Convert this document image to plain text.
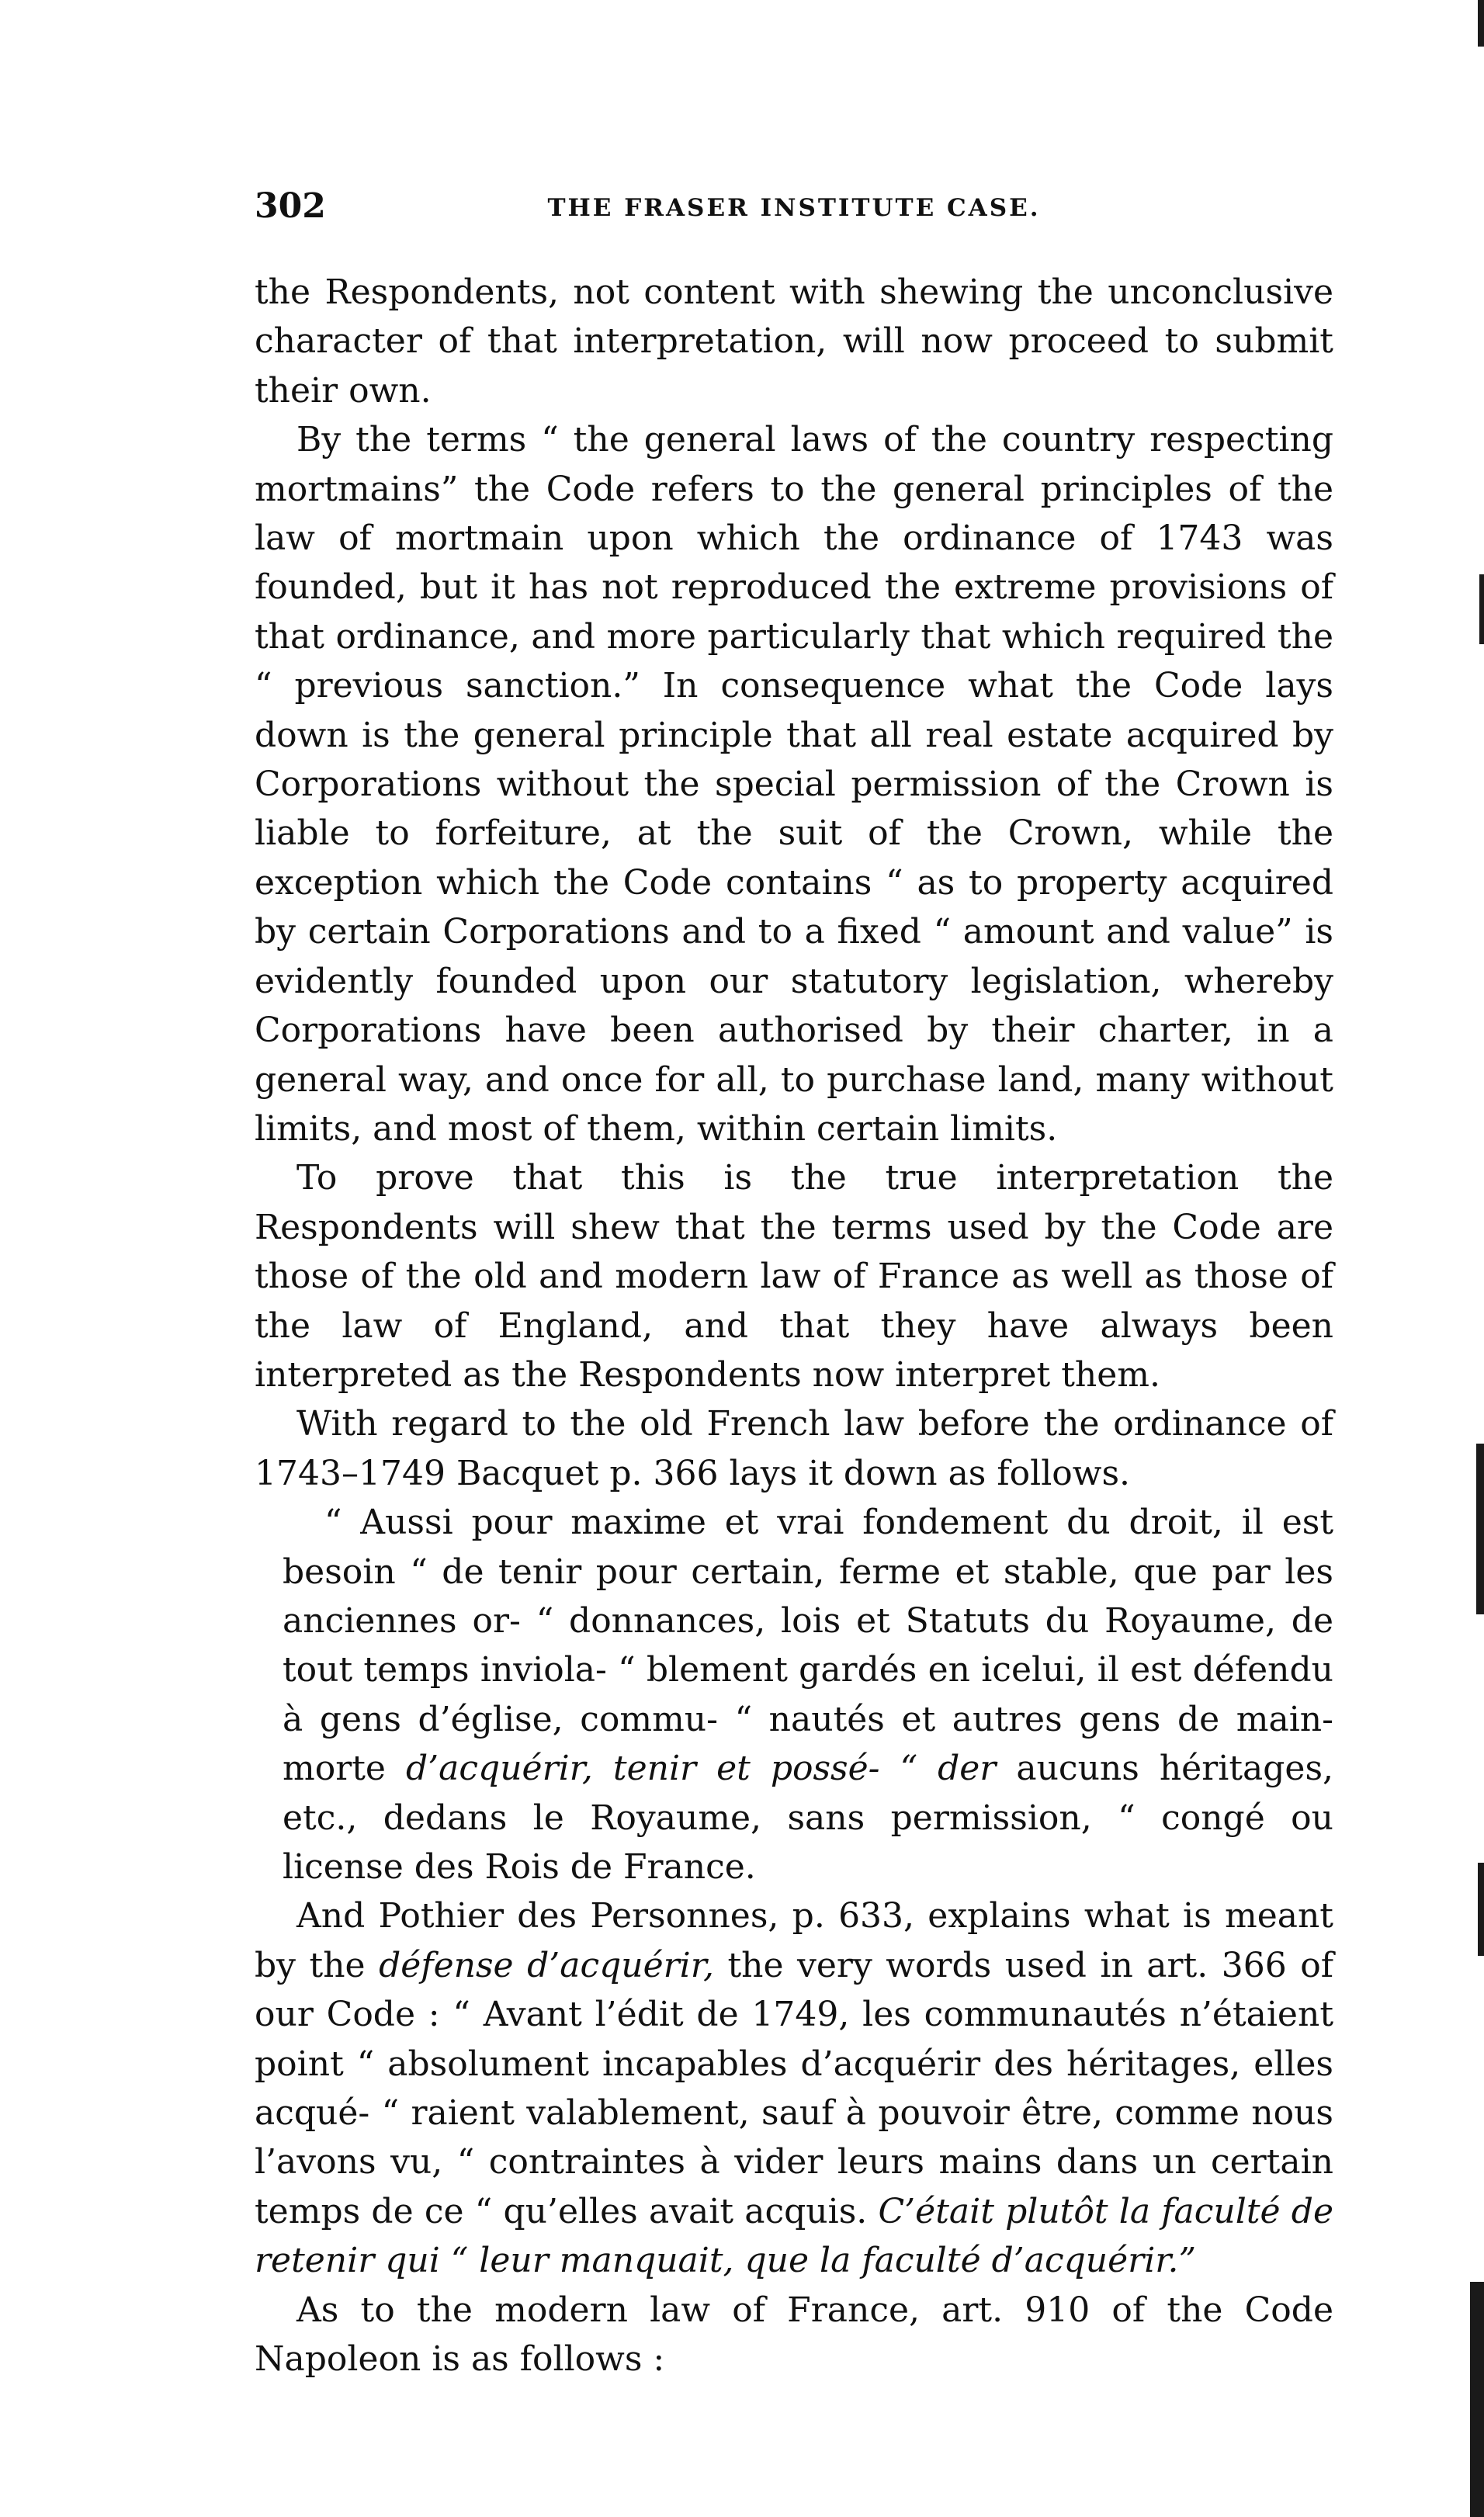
302	THE FRASER INSTITUTE CASE.

the Respondents, not content with shewing the unconclusive character of that interpretation, will now proceed to submit their own.

By the terms “ the general laws of the country respecting mortmains” the Code refers to the general principles of the law of mortmain upon which the ordinance of 1743 was founded, but it has not reproduced the extreme provisions of that ordinance, and more particularly that which required the “ previous sanction.” In consequence what the Code lays down is the general principle that all real estate acquired by Corporations without the special permission of the Crown is liable to forfeiture, at the suit of the Crown, while the exception which the Code contains “ as to property acquired by certain Corporations and to a fixed “ amount and value” is evidently founded upon our statutory legislation, whereby Corporations have been authorised by their charter, in a general way, and once for all, to purchase land, many without limits, and most of them, within certain limits.

To prove that this is the true interpretation the Respondents will shew that the terms used by the Code are those of the old and modern law of France as well as those of the law of England, and that they have always been interpreted as the Respondents now interpret them.

With regard to the old French law before the ordinance of 1743–1749 Bacquet p. 366 lays it down as follows.

“ Aussi pour maxime et vrai fondement du droit, il est besoin “ de tenir pour certain, ferme et stable, que par les anciennes or- “ donnances, lois et Statuts du Royaume, de tout temps inviola- “ blement gardés en icelui, il est défendu à gens d’église, commu- “ nautés et autres gens de main-morte d’acquérir, tenir et possé- “ der aucuns héritages, etc., dedans le Royaume, sans permission, “ congé ou license des Rois de France.

And Pothier des Personnes, p. 633, explains what is meant by the défense d’acquérir, the very words used in art. 366 of our Code : “ Avant l’édit de 1749, les communautés n’étaient point “ absolument incapables d’acquérir des héritages, elles acqué- “ raient valablement, sauf à pouvoir être, comme nous l’avons vu, “ contraintes à vider leurs mains dans un certain temps de ce “ qu’elles avait acquis. C’était plutôt la faculté de retenir qui “ leur manquait, que la faculté d’acquérir.”

As to the modern law of France, art. 910 of the Code Napoleon is as follows :
